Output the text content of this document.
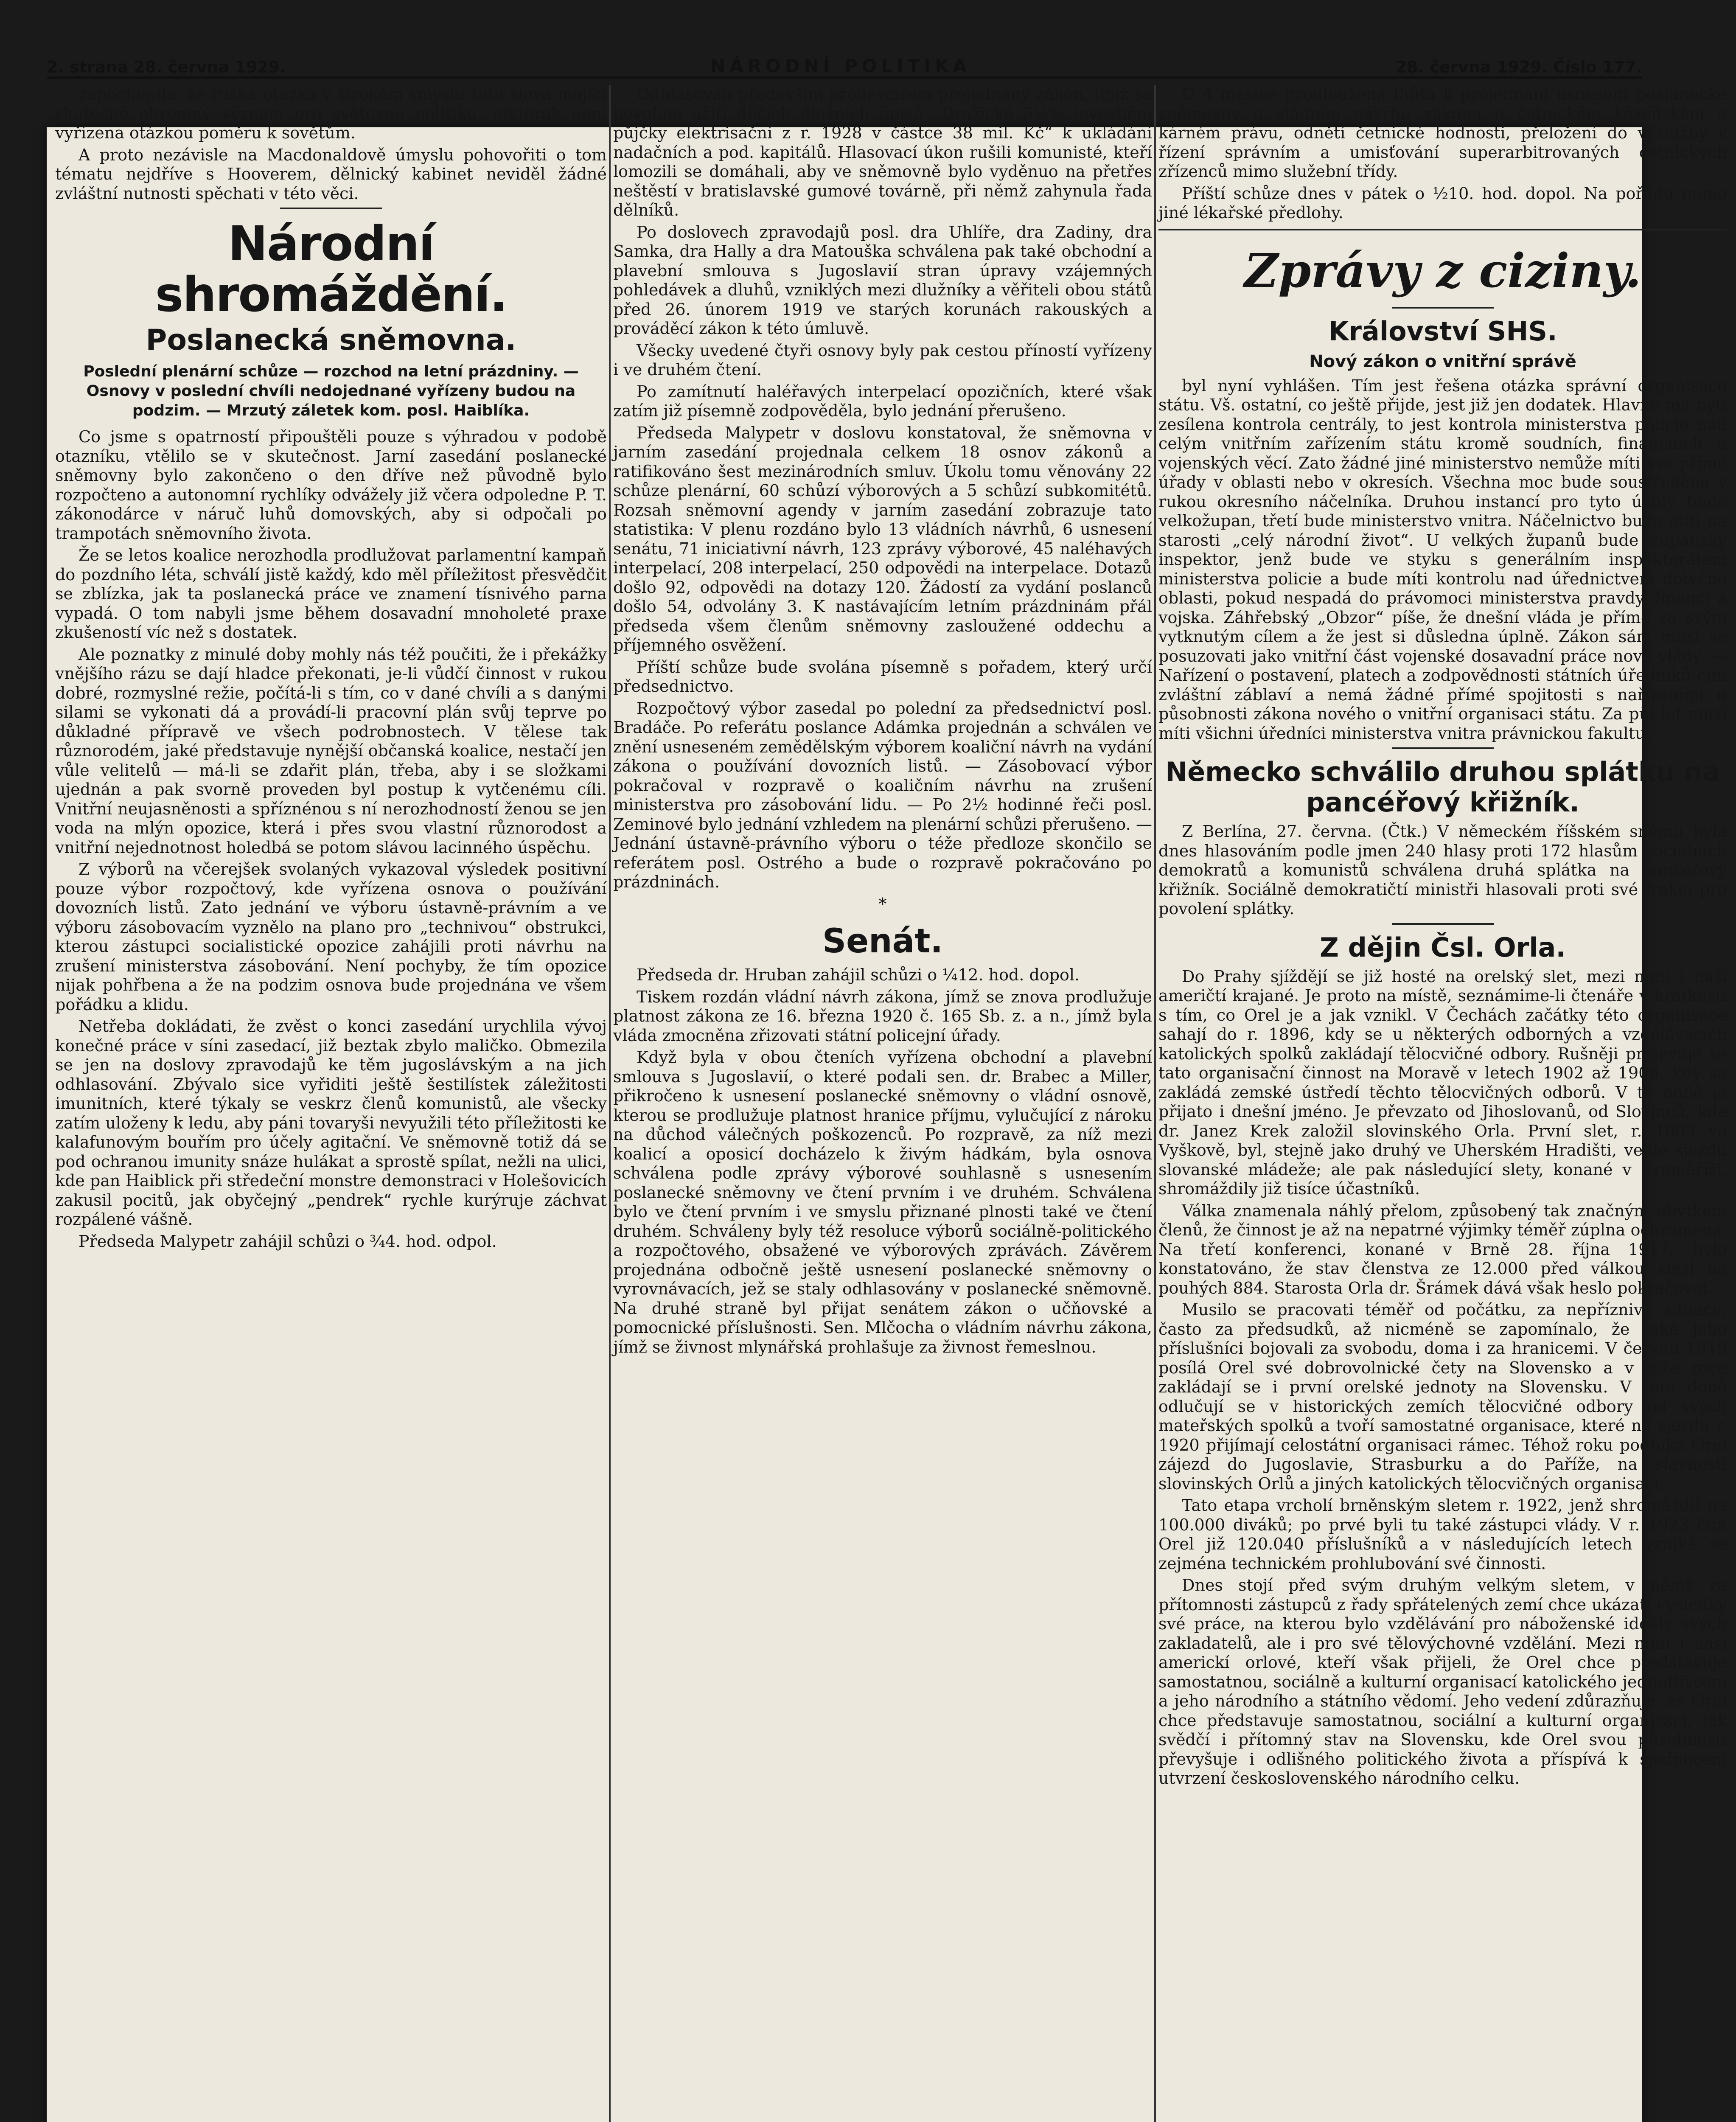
2. strana 28. června 1929.	NÁRODNÍ POLITIKA	28. června 1929. Číslo 177.

zapochopila, že ruská otázka v širokém smyslu toto slova mající skutečně ohromný význam pro světovou politiku, nikterak není vyřízena otázkou poměru k sovětům.

A proto nezávisle na Macdonaldově úmyslu pohovořiti o tom tématu nejdříve s Hooverem, dělnický kabinet neviděl žádné zvláštní nutnosti spěchati v této věci.

Národní shromáždění.
Poslanecká sněmovna.
Poslední plenární schůze — rozchod na letní prázdniny. — Osnovy v poslední chvíli nedojednané vyřízeny budou na podzim. — Mrzutý záletek kom. posl. Haiblíka.

Co jsme s opatrností připouštěli pouze s výhradou v podobě otazníku, vtělilo se v skutečnost. Jarní zasedání poslanecké sněmovny bylo zakončeno o den dříve než původně bylo rozpočteno a autonomní rychlíky odvážely již včera odpoledne P. T. zákonodárce v náruč luhů domovských, aby si odpočali po trampotách sněmovního života.

Že se letos koalice nerozhodla prodlužovat parlamentní kampaň do pozdního léta, schválí jistě každý, kdo měl příležitost přesvědčit se zblízka, jak ta poslanecká práce ve znamení tísnivého parna vypadá. O tom nabyli jsme během dosavadní mnoholeté praxe zkušeností víc než s dostatek.

Ale poznatky z minulé doby mohly nás též poučiti, že i překážky vnějšího rázu se dají hladce překonati, je-li vůdčí činnost v rukou dobré, rozmyslné režie, počítá-li s tím, co v dané chvíli a s danými silami se vykonati dá a provádí-li pracovní plán svůj teprve po důkladné přípravě ve všech podrobnostech. V tělese tak různorodém, jaké představuje nynější občanská koalice, nestačí jen vůle velitelů — má-li se zdařit plán, třeba, aby i se složkami ujednán a pak svorně proveden byl postup k vytčenému cíli. Vnitřní neujasněnosti a spříznénou s ní nerozhodností ženou se jen voda na mlýn opozice, která i přes svou vlastní různorodost a vnitřní nejednotnost holedbá se potom slávou lacinného úspěchu.

Z výborů na včerejšek svolaných vykazoval výsledek positivní pouze výbor rozpočtový, kde vyřízena osnova o používání dovozních listů. Zato jednání ve výboru ústavně-právním a ve výboru zásobovacím vyznělo na plano pro „technivou“ obstrukci, kterou zástupci socialistické opozice zahájili proti návrhu na zrušení ministerstva zásobování. Není pochyby, že tím opozice nijak pohřbena a že na podzim osnova bude projednána ve všem pořádku a klidu.

Netřeba dokládati, že zvěst o konci zasedání urychlila vývoj konečné práce v síni zasedací, již beztak zbylo maličko. Obmezila se jen na doslovy zpravodajů ke těm jugoslávským a na jich odhlasování. Zbývalo sice vyřiditi ještě šestilístek záležitosti imunitních, které týkaly se veskrz členů komunistů, ale všecky zatím uloženy k ledu, aby páni tovaryši nevyužili této příležitosti ke kalafunovým bouřím pro účely agitační. Ve sněmovně totiž dá se pod ochranou imunity snáze hulákat a sprostě spílat, nežli na ulici, kde pan Haiblick při středeční monstre demonstraci v Holešovicích zakusil pocitů, jak obyčejný „pendrek“ rychle kurýruje záchvat rozpálené vášně.

Předseda Malypetr zahájil schůzi o ¾4. hod. odpol.

Odhlasován především předevčírem projednaný zákon, jímž se povoluje užití dílčích dlužních úpisů „Dražické 5½% investiční půjčky elektrisační z r. 1928 v částce 38 mil. Kč“ k ukládání nadačních a pod. kapitálů. Hlasovací úkon rušili komunisté, kteří lomozili se domáhali, aby ve sněmovně bylo vyděnuo na přetřes neštěstí v bratislavské gumové továrně, při němž zahynula řada dělníků.

Po doslovech zpravodajů posl. dra Uhlíře, dra Zadiny, dra Samka, dra Hally a dra Matouška schválena pak také obchodní a plavební smlouva s Jugoslavií stran úpravy vzájemných pohledávek a dluhů, vzniklých mezi dlužníky a věřiteli obou států před 26. únorem 1919 ve starých korunách rakouských a prováděcí zákon k této úmluvě.

Všecky uvedené čtyři osnovy byly pak cestou příností vyřízeny i ve druhém čtení.

Po zamítnutí haléřavých interpelací opozičních, které však zatím již písemně zodpověděla, bylo jednání přerušeno.

Předseda Malypetr v doslovu konstatoval, že sněmovna v jarním zasedání projednala celkem 18 osnov zákonů a ratifikováno šest mezinárodních smluv. Úkolu tomu věnovány 22 schůze plenární, 60 schůzí výborových a 5 schůzí subkomitétů. Rozsah sněmovní agendy v jarním zasedání zobrazuje tato statistika: V plenu rozdáno bylo 13 vládních návrhů, 6 usnesení senátu, 71 iniciativní návrh, 123 zprávy výborové, 45 naléhavých interpelací, 208 interpelací, 250 odpovědi na interpelace. Dotazů došlo 92, odpovědi na dotazy 120. Žádostí za vydání poslanců došlo 54, odvolány 3. K nastávajícím letním prázdninám přál předseda všem členům sněmovny zasloužené oddechu a příjemného osvěžení.

Příští schůze bude svolána písemně s pořadem, který určí předsednictvo.

Rozpočtový výbor zasedal po polední za předsednictví posl. Bradáče. Po referátu poslance Adámka projednán a schválen ve znění usneseném zemědělským výborem koaliční návrh na vydání zákona o používání dovozních listů. — Zásobovací výbor pokračoval v rozpravě o koaličním návrhu na zrušení ministerstva pro zásobování lidu. — Po 2½ hodinné řeči posl. Zeminové bylo jednání vzhledem na plenární schůzi přerušeno. — Jednání ústavně-právního výboru o téže předloze skončilo se referátem posl. Ostrého a bude o rozpravě pokračováno po prázdninách.

*
Senát.

Předseda dr. Hruban zahájil schůzi o ¼12. hod. dopol.

Tiskem rozdán vládní návrh zákona, jímž se znova prodlužuje platnost zákona ze 16. března 1920 č. 165 Sb. z. a n., jímž byla vláda zmocněna zřizovati státní policejní úřady.

Když byla v obou čteních vyřízena obchodní a plavební smlouva s Jugoslavií, o které podali sen. dr. Brabec a Miller, přikročeno k usnesení poslanecké sněmovny o vládní osnově, kterou se prodlužuje platnost hranice příjmu, vylučující z nároku na důchod válečných poškozenců. Po rozpravě, za níž mezi koalicí a oposicí docházelo k živým hádkám, byla osnova schválena podle zprávy výborové souhlasně s usnesením poslanecké sněmovny ve čtení prvním i ve druhém. Schválena bylo ve čtení prvním i ve smyslu přiznané plnosti také ve čtení druhém. Schváleny byly též resoluce výborů sociálně-politického a rozpočtového, obsažené ve výborových zprávách. Závěrem projednána odbočně ještě usnesení poslanecké sněmovny o vyrovnávacích, jež se staly odhlasovány v poslanecké sněmovně. Na druhé straně byl přijat senátem zákon o učňovské a pomocnické příslušnosti. Sen. Mlčocha o vládním návrhu zákona, jímž se živnost mlynářská prohlašuje za živnost řemeslnou.

O 4 měsíce prodloužena lhůta k projednání usnesení poslanecké sněmovny o vládním návrhu zákona o četnickém kázeňském a kárném právu, odnětí četnické hodnosti, přeložení do výslužby v řízení správním a umisťování superarbitrovaných četnických zřízenců mimo služební třídy.

Příští schůze dnes v pátek o ½10. hod. dopol. Na pořadu mimo jiné lékařské předlohy.

Zprávy z ciziny.
Království SHS.
Nový zákon o vnitřní správě

byl nyní vyhlášen. Tím jest řešena otázka správní organisace státu. Vš. ostatní, co ještě přijde, jest již jen dodatek. Hlavně má býti zesílena kontrola centrály, to jest kontrola ministerstva policie nad celým vnitřním zařízením státu kromě soudních, finančních a vojenských věcí. Zato žádné jiné ministerstvo nemůže míti své přímé úřady v oblasti nebo v okresích. Všechna moc bude soustředěna v rukou okresního náčelníka. Druhou instancí pro tyto úkoly bude velkožupan, třetí bude ministerstvo vnitra. Náčelnictvo bude míti na starosti „celý národní život“. U velkých županů bude županský inspektor, jenž bude ve styku s generálním inspektorátem ministerstva policie a bude míti kontrolu nad úřednictvem dotyčné oblasti, pokud nespadá do právomoci ministerstva pravdy, financí a vojska. Záhřebský „Obzor“ píše, že dnešní vláda je přímo za svým vytknutým cílem a že jest si důsledna úplně. Zákon sám musí se posuzovati jako vnitřní část vojenské dosavadní práce nové vlády. — Nařízení o postavení, platech a zodpovědnosti státních úředníků činí zvláštní záblaví a nemá žádné přímé spojitosti s nařízeními o působnosti zákona nového o vnitřní organisaci státu. Za půl let musí míti všichni úředníci ministerstva vnitra právnickou fakultu.

Německo schválilo druhou splátku na pancéřový křižník.

Z Berlína, 27. června. (Čtk.) V německém říšském sněmu byla dnes hlasováním podle jmen 240 hlasy proti 172 hlasům sociálních demokratů a komunistů schválena druhá splátka na pancéřový křižník. Sociálně demokratičtí ministři hlasovali proti své frakci pro povolení splátky.

Z dějin Čsl. Orla.

Do Prahy sjíždějí se již hosté na orelský slet, mezi nimi i naši američtí krajané. Je proto na místě, seznámime-li čtenáře v krátkosti s tím, co Orel je a jak vznikl. V Čechách začátky této organisace sahají do r. 1896, kdy se u některých odborných a vzdělávacích katolických spolků zakládají tělocvičné odbory. Rušněji projevuje se tato organisační činnost na Moravě v letech 1902 až 1908, kdy se zakládá zemské ústředí těchto tělocvičných odborů. V té době je přijato i dnešní jméno. Je převzato od Jihoslovanů, od Slovinců, kde dr. Janez Krek založil slovinského Orla. První slet, r. 1909 ve Vyškově, byl, stejně jako druhý ve Uherském Hradišti, vedle sjezdu slovanské mládeže; ale pak následující slety, konané v Kroměříži, shromáždily již tisíce účastníků.

Válka znamenala náhlý přelom, způsobený tak značným úbytkem členů, že činnost je až na nepatrné výjimky téměř zúplna ochromena. Na třetí konferenci, konané v Brně 28. října 1917, bylo konstatováno, že stav členstva ze 12.000 před válkou klesl na pouhých 884. Starosta Orla dr. Šrámek dává však heslo pokračovat.

Musilo se pracovati téměř od počátku, za nepříznivé situace, často za předsudků, až nicméně se zapomínalo, že také jeho příslušníci bojovali za svobodu, doma i za hranicemi. V červnu 1919 posílá Orel své dobrovolnické čety na Slovensko a v téže roce zakládají se i první orelské jednoty na Slovensku. V této době odlučují se v historických zemích tělocvičné odbory od svých mateřských spolků a tvoří samostatné organisace, které na sjezdu r. 1920 přijímají celostátní organisaci rámec. Téhož roku podniká Orel zájezd do Jugoslavie, Strasburku a do Paříže, na slavnosti slovinských Orlů a jiných katolických tělocvičných organisací.

Tato etapa vrcholí brněnským sletem r. 1922, jenž shromáždil na 100.000 diváků; po prvé byli tu také zástupci vlády. V r. 1923 čítá Orel již 120.040 příslušníků a v následujících letech vzniká se zejména technickém prohlubování své činnosti.

Dnes stojí před svým druhým velkým sletem, v němž za přítomnosti zástupců z řady spřátelených zemí chce ukázati výsledky své práce, na kterou bylo vzdělávání pro náboženské ideály svých zakladatelů, ale i pro své tělovýchovné vzdělání. Mezi nimi i naši americkí orlové, kteří však přijeli, že Orel chce představuje samostatnou, sociálně a kulturní organisací katolického jednotlivcem a jeho národního a státního vědomí. Jeho vedení zdůrazňuje, že Orel chce představuje samostatnou, sociální a kulturní organisaci, jak svědčí i přítomný stav na Slovensku, kde Orel svou působností převyšuje i odlišného politického života a příspívá k sjednocení utvrzení československého národního celku.
